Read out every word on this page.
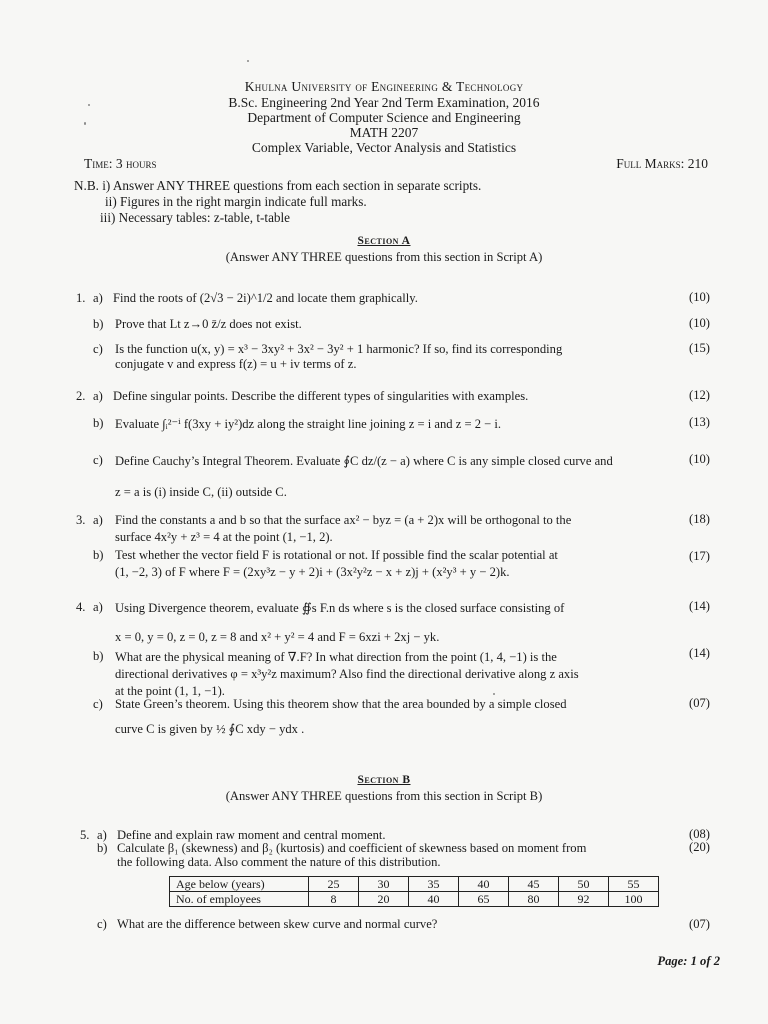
Khulna University of Engineering & Technology
B.Sc. Engineering 2nd Year 2nd Term Examination, 2016
Department of Computer Science and Engineering
MATH 2207
Complex Variable, Vector Analysis and Statistics
Time: 3 hours	Full Marks: 210
N.B. i) Answer ANY THREE questions from each section in separate scripts.
ii) Figures in the right margin indicate full marks.
iii) Necessary tables: z-table, t-table
Section A
(Answer ANY THREE questions from this section in Script A)
1. a) Find the roots of (2√3 − 2i)^1/2 and locate them graphically.	(10)
b) Prove that Lt z→0 z̄/z does not exist.	(10)
c) Is the function u(x, y) = x³ − 3xy² + 3x² − 3y² + 1 harmonic? If so, find its corresponding
conjugate v and express f(z) = u + iv terms of z.
(15)
2. a) Define singular points. Describe the different types of singularities with examples.	(12)
b) Evaluate ∫ᵢ²⁻ⁱ f(3xy + iy²)dz along the straight line joining z = i and z = 2 − i.	(13)
c) Define Cauchy’s Integral Theorem. Evaluate ∮C dz/(z − a) where C is any simple closed curve and
z = a is (i) inside C, (ii) outside C.
(10)
3. a) Find the constants a and b so that the surface ax² − byz = (a + 2)x will be orthogonal to the
surface 4x²y + z³ = 4 at the point (1, −1, 2).
(18)
b) Test whether the vector field F is rotational or not. If possible find the scalar potential at
(1, −2, 3) of F where F = (2xy³z − y + 2)i + (3x²y²z − x + z)j + (x²y³ + y − 2)k.
(17)
4. a) Using Divergence theorem, evaluate ∯s F.n ds where s is the closed surface consisting of
x = 0, y = 0, z = 0, z = 8 and x² + y² = 4 and F = 6xzi + 2xj − yk.
(14)
b) What are the physical meaning of ∇.F? In what direction from the point (1, 4, −1) is the
directional derivatives φ = x³y²z maximum? Also find the directional derivative along z axis
at the point (1, 1, −1).
(14)
c) State Green’s theorem. Using this theorem show that the area bounded by a simple closed
curve C is given by ½ ∮C xdy − ydx .
(07)
Section B
(Answer ANY THREE questions from this section in Script B)
5. a) Define and explain raw moment and central moment.	(08)
b) Calculate β₁ (skewness) and β₂ (kurtosis) and coefficient of skewness based on moment from
the following data. Also comment the nature of this distribution.
(20)
Age below (years)	25	30	35	40	45	50	55
No. of employees	8	20	40	65	80	92	100
c) What are the difference between skew curve and normal curve?	(07)
Page: 1 of 2
